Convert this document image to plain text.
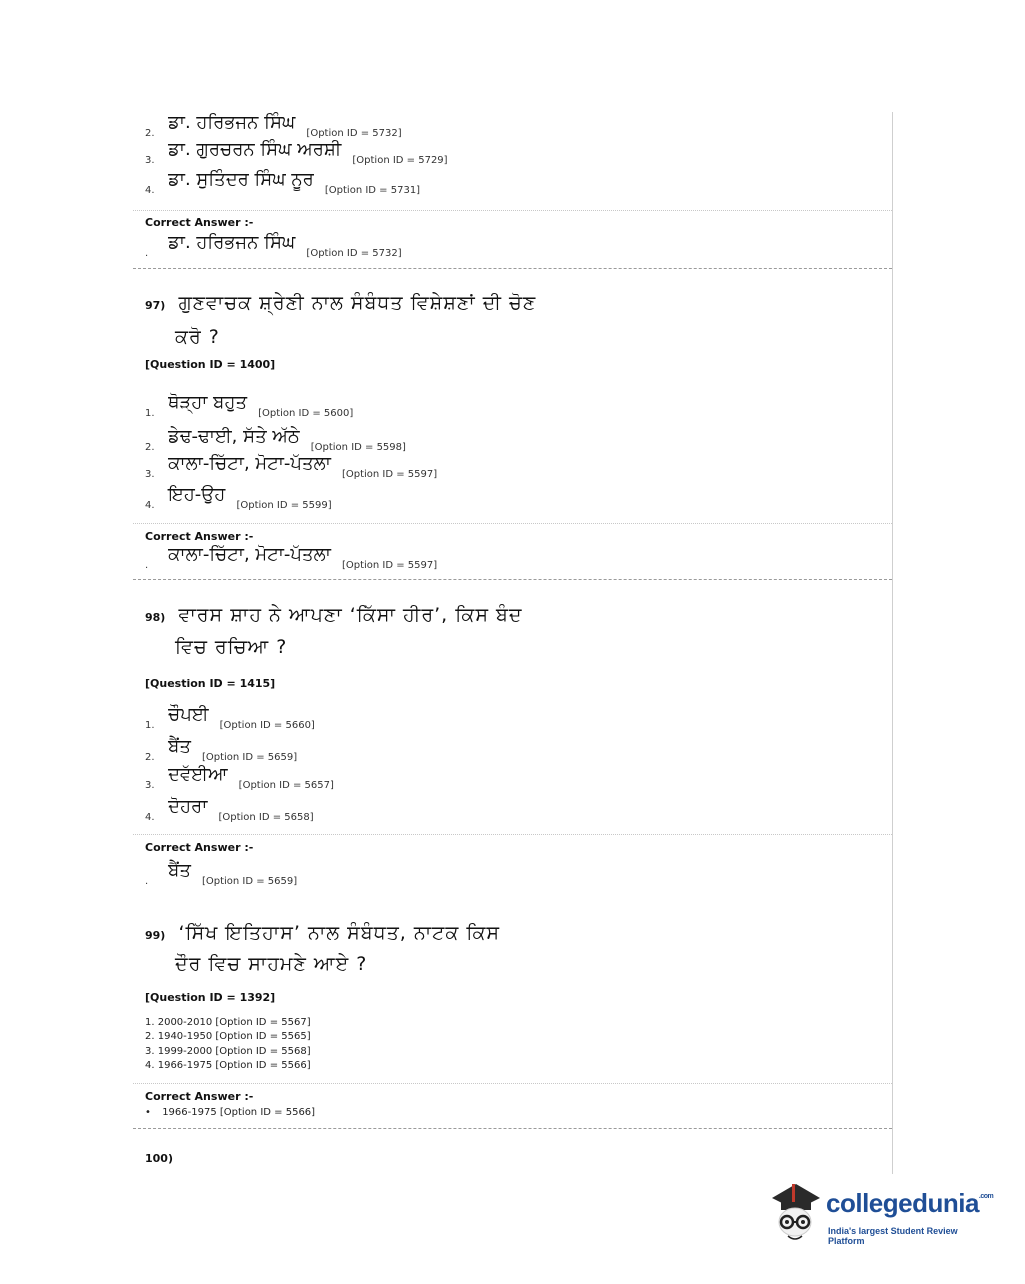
2. ਡਾ. ਹਰਿਭਜਨ ਸਿੰਘ [Option ID = 5732]
3. ਡਾ. ਗੁਰਚਰਨ ਸਿੰਘ ਅਰਸ਼ੀ [Option ID = 5729]
4. ਡਾ. ਸੁਤਿੰਦਰ ਸਿੰਘ ਨੂਰ [Option ID = 5731]
Correct Answer :-
. ਡਾ. ਹਰਿਭਜਨ ਸਿੰਘ [Option ID = 5732]
97) ਗੁਣਵਾਚਕ ਸ਼੍ਰੇਣੀ ਨਾਲ ਸੰਬੰਧਤ ਵਿਸ਼ੇਸ਼ਣਾਂ ਦੀ ਚੋਣ
ਕਰੋ ?
[Question ID = 1400]
1. ਥੋੜ੍ਹਾ ਬਹੁਤ [Option ID = 5600]
2. ਡੇਢ-ਢਾਈ, ਸੱਤੇ ਅੱਠੇ [Option ID = 5598]
3. ਕਾਲਾ-ਚਿੱਟਾ, ਮੋਟਾ-ਪੱਤਲਾ [Option ID = 5597]
4. ਇਹ-ਉਹ [Option ID = 5599]
Correct Answer :-
. ਕਾਲਾ-ਚਿੱਟਾ, ਮੋਟਾ-ਪੱਤਲਾ [Option ID = 5597]
98) ਵਾਰਸ ਸ਼ਾਹ ਨੇ ਆਪਣਾ ‘ਕਿੱਸਾ ਹੀਰ’, ਕਿਸ ਬੰਦ
ਵਿਚ ਰਚਿਆ ?
[Question ID = 1415]
1. ਚੌਪਈ [Option ID = 5660]
2. ਬੈਂਤ [Option ID = 5659]
3. ਦਵੱਈਆ [Option ID = 5657]
4. ਦੋਹਰਾ [Option ID = 5658]
Correct Answer :-
. ਬੈਂਤ [Option ID = 5659]
99) ‘ਸਿੱਖ ਇਤਿਹਾਸ’ ਨਾਲ ਸੰਬੰਧਤ, ਨਾਟਕ ਕਿਸ
ਦੌਰ ਵਿਚ ਸਾਹਮਣੇ ਆਏ ?
[Question ID = 1392]
1. 2000-2010 [Option ID = 5567]
2. 1940-1950 [Option ID = 5565]
3. 1999-2000 [Option ID = 5568]
4. 1966-1975 [Option ID = 5566]
Correct Answer :-
• 1966-1975 [Option ID = 5566]
100)
collegedunia$^{.com}$
India's largest Student Review Platform
